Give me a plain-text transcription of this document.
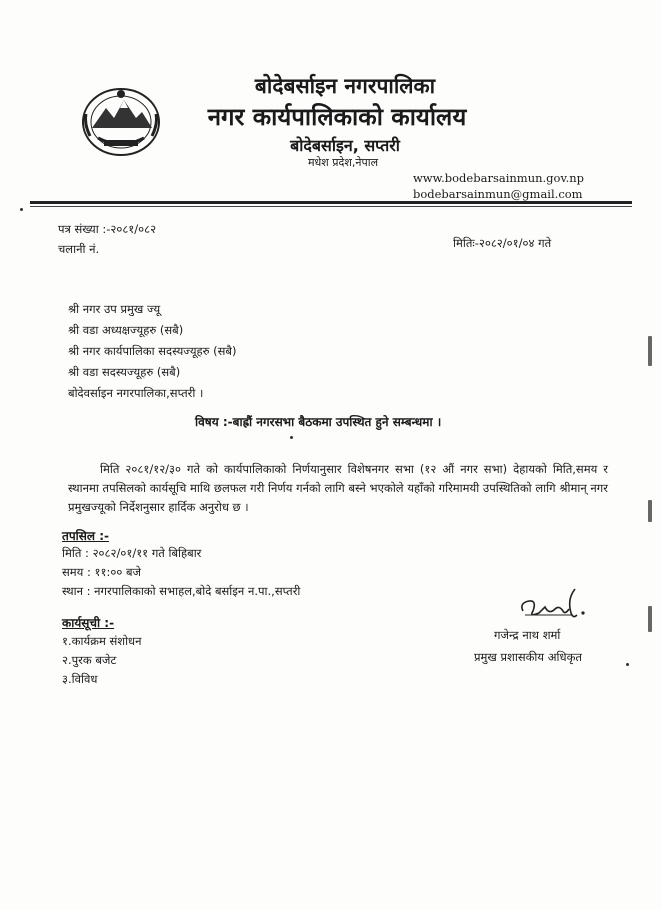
बोदेबर्साइन नगरपालिका
नगर कार्यपालिकाको कार्यालय
बोदेबर्साइन, सप्तरी
मधेश प्रदेश,नेपाल
www.bodebarsainmun.gov.np
bodebarsainmun@gmail.com
पत्र संख्या :-२०८१/०८२
चलानी नं.	मितिः-२०८२/०१/०४ गते
श्री नगर उप प्रमुख ज्यू
श्री वडा अध्यक्षज्यूहरु (सबै)
श्री नगर कार्यपालिका सदस्यज्यूहरु (सबै)
श्री वडा सदस्यज्यूहरु (सबै)
बोदेवर्साइन नगरपालिका,सप्तरी ।
विषय :-बाह्रौं नगरसभा बैठकमा उपस्थित हुने सम्बन्धमा ।

मिति २०८१/१२/३० गते को कार्यपालिकाको निर्णयानुसार विशेषनगर सभा (१२ औं नगर सभा) देहायको मिति,समय र स्थानमा तपसिलको कार्यसूचि माथि छलफल गरी निर्णय गर्नको लागि बस्ने भएकोले यहाँको गरिमामयी उपस्थितिको लागि श्रीमान् नगर प्रमुखज्यूको निर्देशनुसार हार्दिक अनुरोध छ ।

तपसिल :-
मिति : २०८२/०१/११ गते बिहिबार
समय : ११:०० बजे
स्थान : नगरपालिकाको सभाहल,बोदे बर्साइन न.पा.,सप्तरी
कार्यसूची :-
१.कार्यक्रम संशोधन
२.पुरक बजेट
३.विविध
गजेन्द्र नाथ शर्मा
प्रमुख प्रशासकीय अधिकृत
